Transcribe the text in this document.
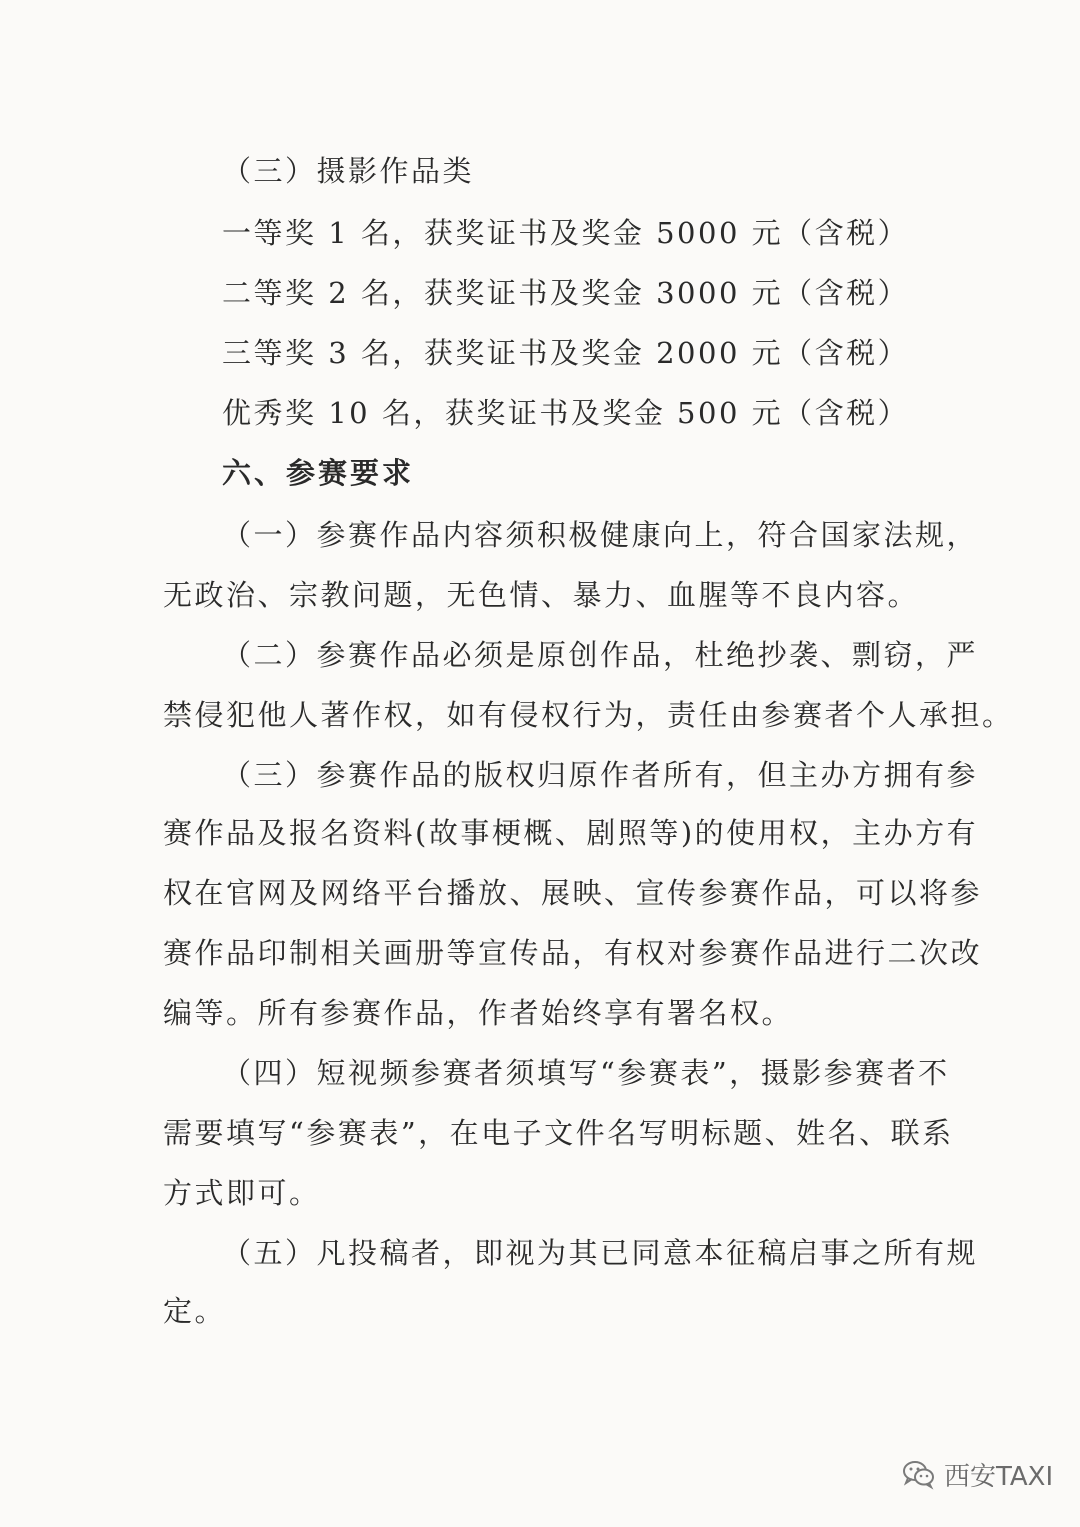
（三）摄影作品类
一等奖 1 名，获奖证书及奖金 5000 元（含税）
二等奖 2 名，获奖证书及奖金 3000 元（含税）
三等奖 3 名，获奖证书及奖金 2000 元（含税）
优秀奖 10 名，获奖证书及奖金 500 元（含税）
六、参赛要求
（一）参赛作品内容须积极健康向上，符合国家法规，
无政治、宗教问题，无色情、暴力、血腥等不良内容。
（二）参赛作品必须是原创作品，杜绝抄袭、剽窃，严
禁侵犯他人著作权，如有侵权行为，责任由参赛者个人承担。
（三）参赛作品的版权归原作者所有，但主办方拥有参
赛作品及报名资料(故事梗概、剧照等)的使用权，主办方有
权在官网及网络平台播放、展映、宣传参赛作品，可以将参
赛作品印制相关画册等宣传品，有权对参赛作品进行二次改
编等。所有参赛作品，作者始终享有署名权。
（四）短视频参赛者须填写“参赛表”，摄影参赛者不
需要填写“参赛表”，在电子文件名写明标题、姓名、联系
方式即可。
（五）凡投稿者，即视为其已同意本征稿启事之所有规
定。
西安TAXI
